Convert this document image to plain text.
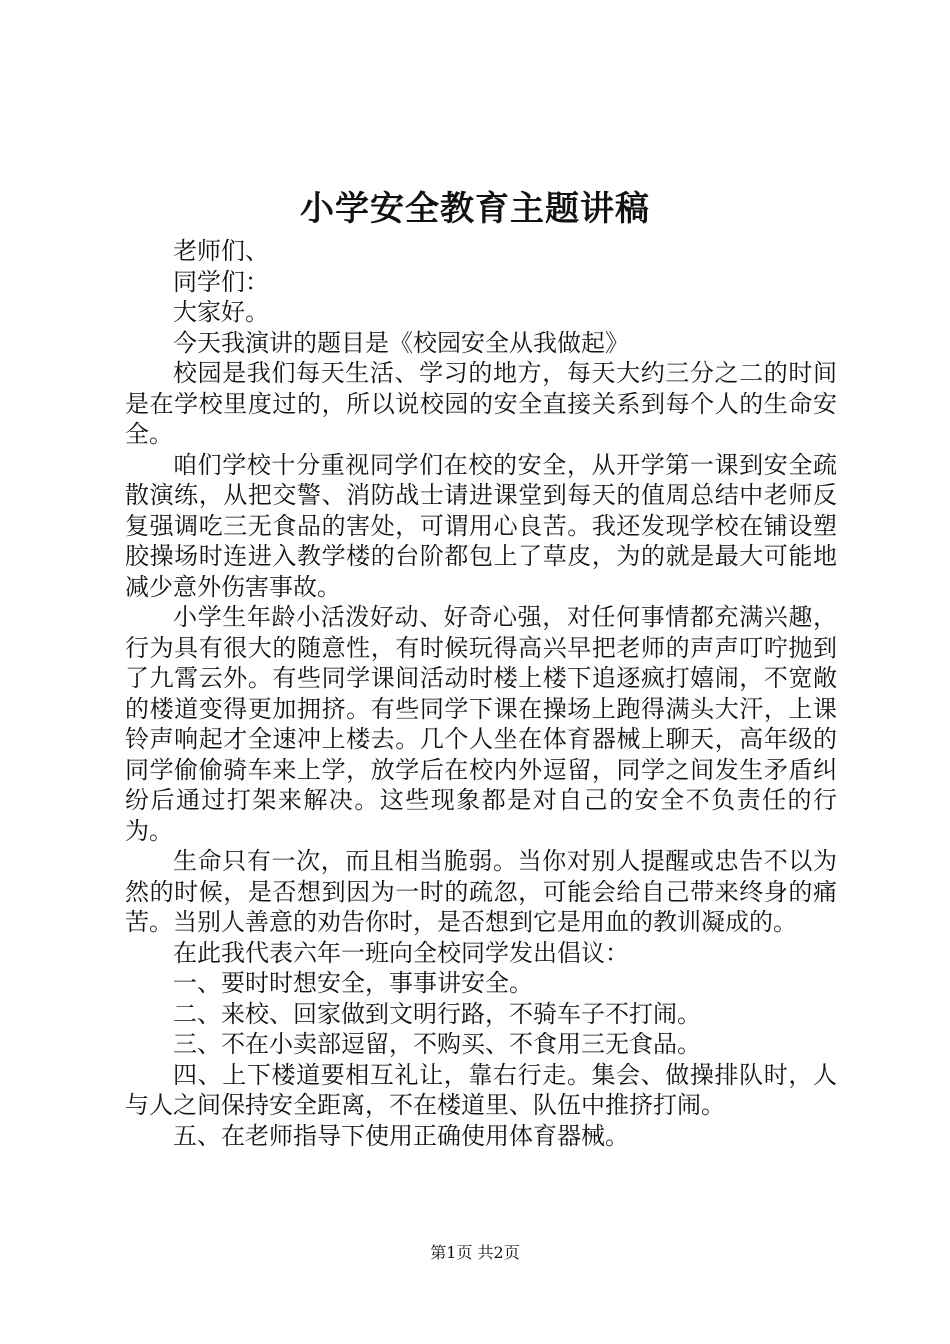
小学安全教育主题讲稿

老师们、

同学们：

大家好。

今天我演讲的题目是《校园安全从我做起》

校园是我们每天生活、学习的地方，每天大约三分之二的时间是在学校里度过的，所以说校园的安全直接关系到每个人的生命安全。

咱们学校十分重视同学们在校的安全，从开学第一课到安全疏散演练，从把交警、消防战士请进课堂到每天的值周总结中老师反复强调吃三无食品的害处，可谓用心良苦。我还发现学校在铺设塑胶操场时连进入教学楼的台阶都包上了草皮，为的就是最大可能地减少意外伤害事故。

小学生年龄小活泼好动、好奇心强，对任何事情都充满兴趣，行为具有很大的随意性，有时候玩得高兴早把老师的声声叮咛抛到了九霄云外。有些同学课间活动时楼上楼下追逐疯打嬉闹，不宽敞的楼道变得更加拥挤。有些同学下课在操场上跑得满头大汗，上课铃声响起才全速冲上楼去。几个人坐在体育器械上聊天，高年级的同学偷偷骑车来上学，放学后在校内外逗留，同学之间发生矛盾纠纷后通过打架来解决。这些现象都是对自己的安全不负责任的行为。

生命只有一次，而且相当脆弱。当你对别人提醒或忠告不以为然的时候，是否想到因为一时的疏忽，可能会给自己带来终身的痛苦。当别人善意的劝告你时，是否想到它是用血的教训凝成的。

在此我代表六年一班向全校同学发出倡议：

一、要时时想安全，事事讲安全。

二、来校、回家做到文明行路，不骑车子不打闹。

三、不在小卖部逗留，不购买、不食用三无食品。

四、上下楼道要相互礼让，靠右行走。集会、做操排队时，人与人之间保持安全距离，不在楼道里、队伍中推挤打闹。

五、在老师指导下使用正确使用体育器械。

第1页 共2页
